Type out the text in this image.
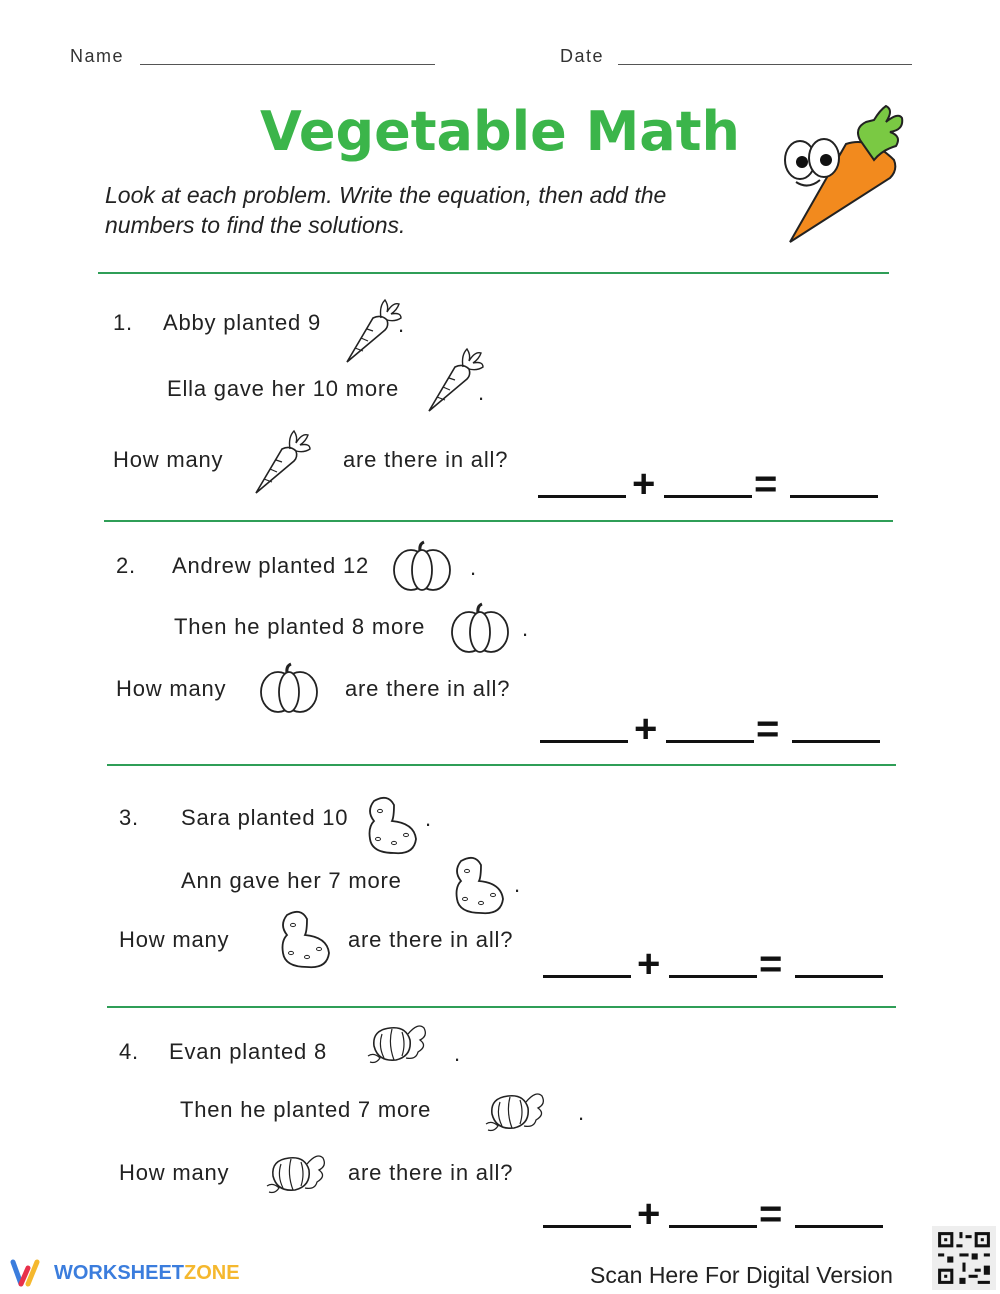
Name	Date
Vegetable Math
Look at each problem. Write the equation, then add the numbers to find the solutions.
1. Abby planted 9	.
Ella gave her 10 more	.
How many	are there in all?
+ =
2. Andrew planted 12	.
Then he planted 8 more	.
How many	are there in all?
+ =
3. Sara planted 10	.
Ann gave her 7 more	.
How many	are there in all?
+ =
4. Evan planted 8	.
Then he planted 7 more	.
How many	are there in all?
+ =
WORKSHEETZONE	Scan Here For Digital Version
